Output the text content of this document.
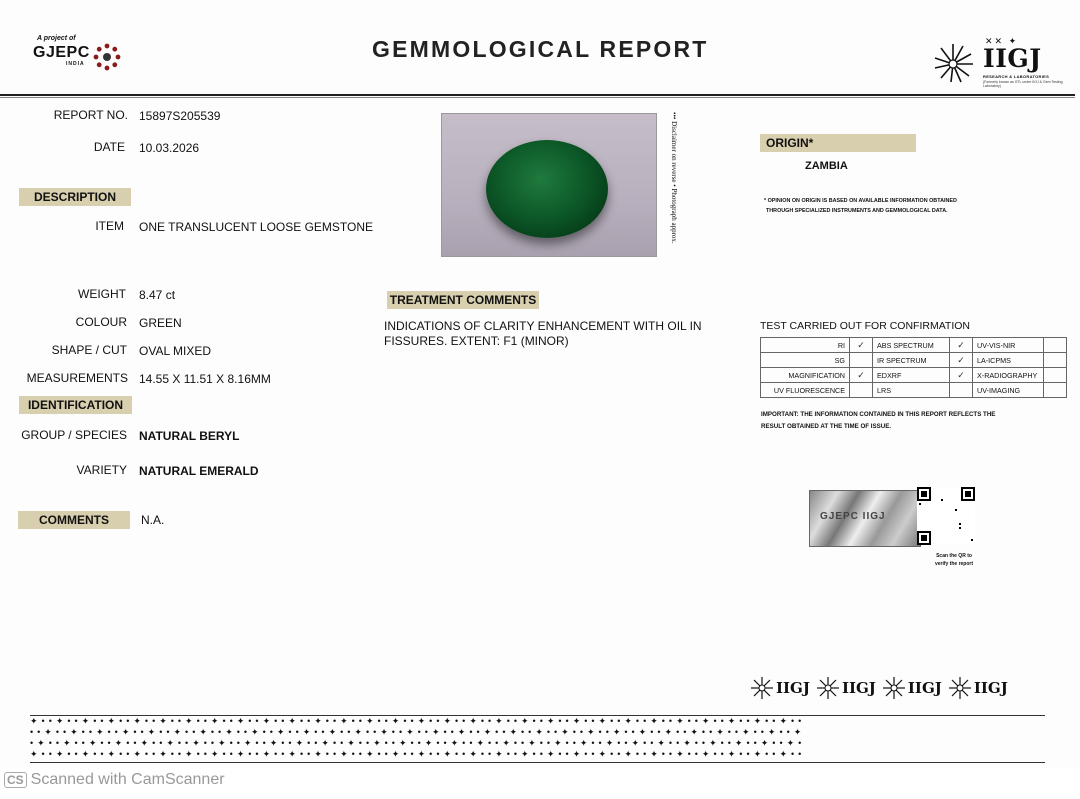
A project of
GJEPC
INDIA
GEMMOLOGICAL REPORT	✕✕ ✦
IIGJ
RESEARCH & LABORATORIES
(Formerly known as GTL under IIGJ & Gem Testing Laboratory)
REPORT NO. 15897S205539
DATE 10.03.2026
DESCRIPTION
ITEM ONE TRANSLUCENT LOOSE GEMSTONE
WEIGHT 8.47 ct
COLOUR GREEN
SHAPE / CUT OVAL MIXED
MEASUREMENTS 14.55 X 11.51 X 8.16MM
IDENTIFICATION
GROUP / SPECIES NATURAL BERYL
VARIETY NATURAL EMERALD
COMMENTS	N.A.
••• Disclaimer on reverse • Photograph approx.
TREATMENT COMMENTS
INDICATIONS OF CLARITY ENHANCEMENT WITH OIL IN
FISSURES. EXTENT: F1 (MINOR)
ORIGIN*
ZAMBIA
* OPINION ON ORIGIN IS BASED ON AVAILABLE INFORMATION OBTAINED
THROUGH SPECIALIZED INSTRUMENTS AND GEMMOLOGICAL DATA.
TEST CARRIED OUT FOR CONFIRMATION
RI	✓	ABS SPECTRUM	✓	UV-VIS-NIR	
SG		IR SPECTRUM	✓	LA-ICPMS	
MAGNIFICATION	✓	EDXRF	✓	X-RADIOGRAPHY	
UV FLUORESCENCE		LRS		UV-IMAGING	
IMPORTANT: THE INFORMATION CONTAINED IN THIS REPORT REFLECTS THE
RESULT OBTAINED AT THE TIME OF ISSUE.
GJEPC IIGJ
Scan the QR to
verify the report
IIGJ IIGJ IIGJ IIGJ
✦••✦••✦••✦••✦••✦••✦••✦••✦••✦••✦••✦••✦••✦••✦••✦••✦••✦••✦••✦••✦••✦••✦••✦••✦••✦••✦••✦••✦••✦••
••✦••✦••✦••✦••✦••✦••✦••✦••✦••✦••✦••✦••✦••✦••✦••✦••✦••✦••✦••✦••✦••✦••✦••✦••✦••✦••✦••✦••✦••✦
•✦••✦••✦••✦••✦••✦••✦••✦••✦••✦••✦••✦••✦••✦••✦••✦••✦••✦••✦••✦••✦••✦••✦••✦••✦••✦••✦••✦••✦••✦•
✦••✦••✦••✦••✦••✦••✦••✦••✦••✦••✦••✦••✦••✦••✦••✦••✦••✦••✦••✦••✦••✦••✦••✦••✦••✦••✦••✦••✦••✦••

CS Scanned with CamScanner
